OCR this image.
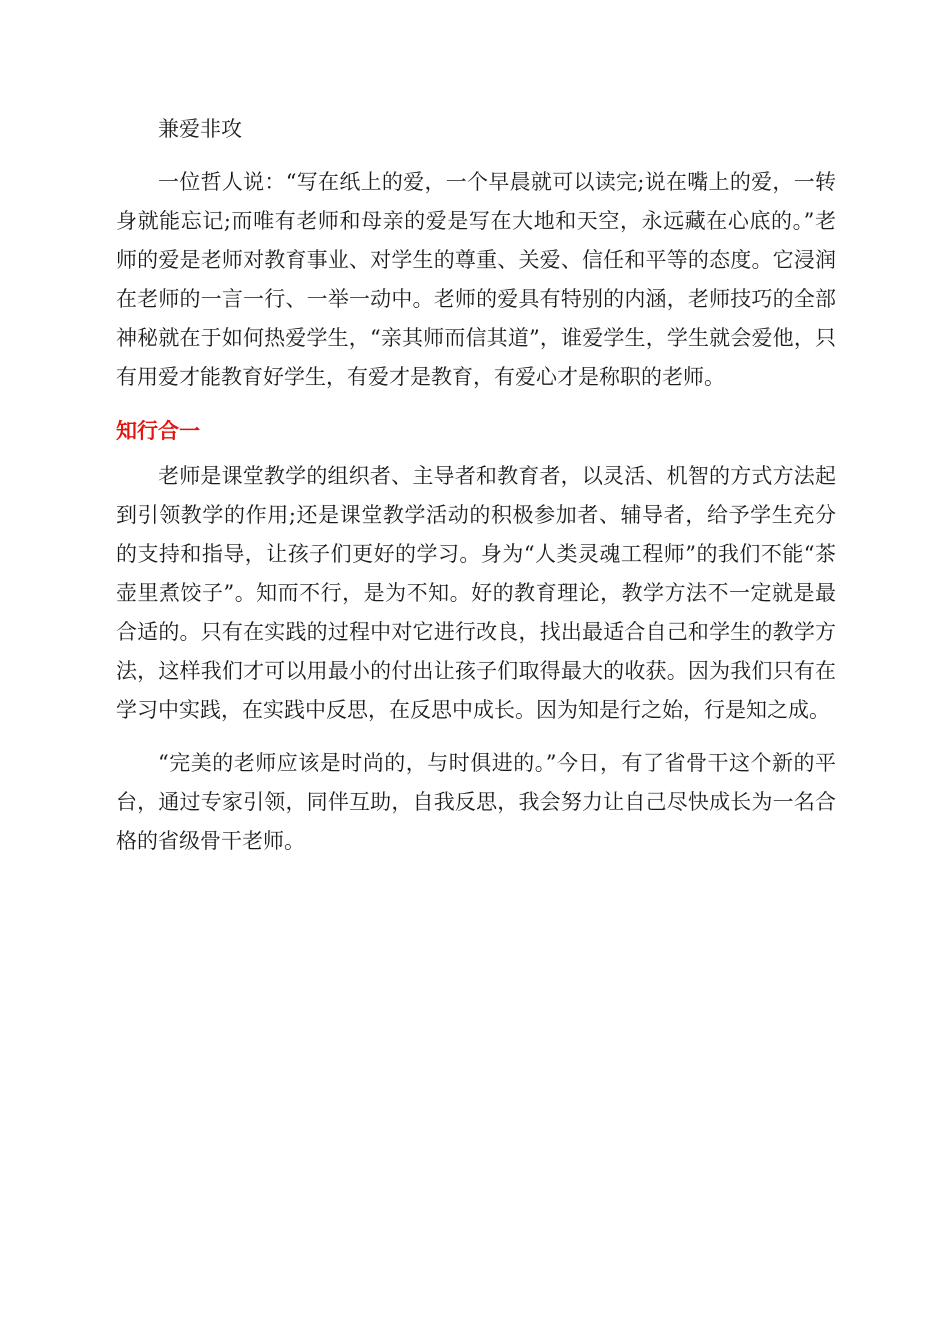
兼爱非攻

一位哲人说：“写在纸上的爱，一个早晨就可以读完;说在嘴上的爱，一转身就能忘记;而唯有老师和母亲的爱是写在大地和天空，永远藏在心底的。”老师的爱是老师对教育事业、对学生的尊重、关爱、信任和平等的态度。它浸润在老师的一言一行、一举一动中。老师的爱具有特别的内涵，老师技巧的全部神秘就在于如何热爱学生，“亲其师而信其道”，谁爱学生，学生就会爱他，只有用爱才能教育好学生，有爱才是教育，有爱心才是称职的老师。

知行合一

老师是课堂教学的组织者、主导者和教育者，以灵活、机智的方式方法起到引领教学的作用;还是课堂教学活动的积极参加者、辅导者，给予学生充分的支持和指导，让孩子们更好的学习。身为“人类灵魂工程师”的我们不能“茶壶里煮饺子”。知而不行，是为不知。好的教育理论，教学方法不一定就是最合适的。只有在实践的过程中对它进行改良，找出最适合自己和学生的教学方法，这样我们才可以用最小的付出让孩子们取得最大的收获。因为我们只有在学习中实践，在实践中反思，在反思中成长。因为知是行之始，行是知之成。

“完美的老师应该是时尚的，与时俱进的。”今日，有了省骨干这个新的平台，通过专家引领，同伴互助，自我反思，我会努力让自己尽快成长为一名合格的省级骨干老师。
